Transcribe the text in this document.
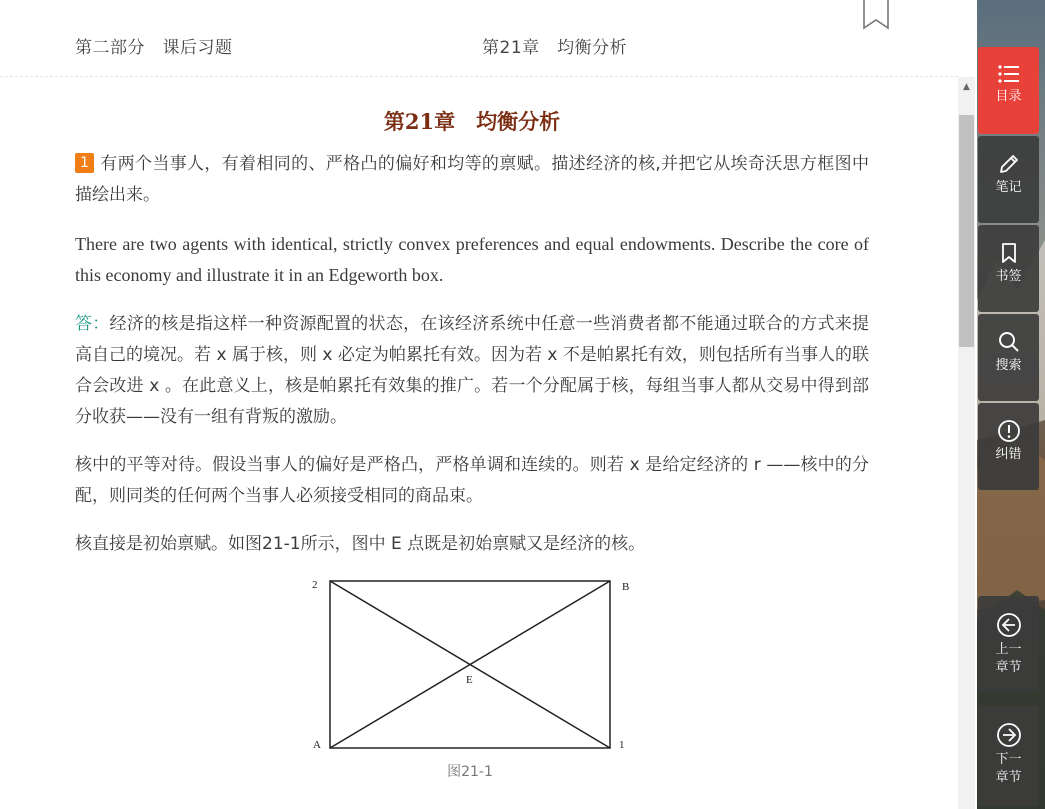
第二部分　课后习题	第21章　均衡分析
第21章　均衡分析

1 有两个当事人，有着相同的、严格凸的偏好和均等的禀赋。描述经济的核,并把它从埃奇沃思方框图中描绘出来。

There are two agents with identical, strictly convex preferences and equal endowments. Describe the core of this economy and illustrate it in an Edgeworth box.

答：经济的核是指这样一种资源配置的状态，在该经济系统中任意一些消费者都不能通过联合的方式来提高自己的境况。若 x 属于核，则 x 必定为帕累托有效。因为若 x 不是帕累托有效，则包括所有当事人的联合会改进 x 。在此意义上，核是帕累托有效集的推广。若一个分配属于核，每组当事人都从交易中得到部分收获——没有一组有背叛的激励。

核中的平等对待。假设当事人的偏好是严格凸，严格单调和连续的。则若 x 是给定经济的 r ——核中的分配，则同类的任何两个当事人必须接受相同的商品束。

核直接是初始禀赋。如图21-1所示，图中 E 点既是初始禀赋又是经济的核。

2	B
A	1
E
图21-1
▲
目录
笔记
书签
搜索
纠错
上一
章节
下一
章节
